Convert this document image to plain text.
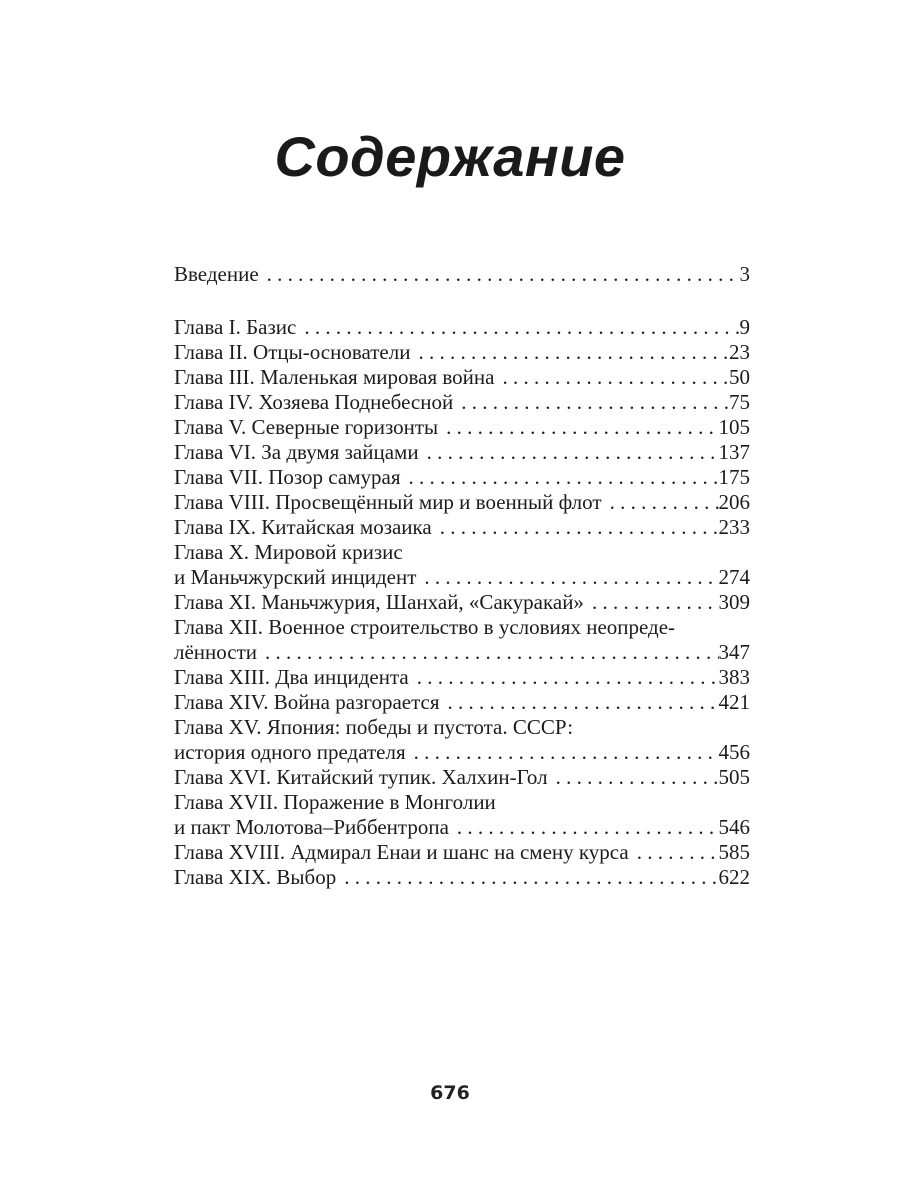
Содержание
Введение . . .	3
Глава I. Базис . . .	9
Глава II. Отцы-основатели . . .	23
Глава III. Маленькая мировая война . . .	50
Глава IV. Хозяева Поднебесной . . .	75
Глава V. Северные горизонты . . .	105
Глава VI. За двумя зайцами . . .	137
Глава VII. Позор самурая . . .	175
Глава VIII. Просвещённый мир и военный флот . . .	206
Глава IX. Китайская мозаика . . .	233
Глава X. Мировой кризис
и Маньчжурский инцидент . . .	274
Глава XI. Маньчжурия, Шанхай, «Сакуракай» . . .	309
Глава XII. Военное строительство в условиях неопреде-
лённости . . .	347
Глава XIII. Два инцидента . . .	383
Глава XIV. Война разгорается . . .	421
Глава XV. Япония: победы и пустота. СССР:
история одного предателя . . .	456
Глава XVI. Китайский тупик. Халхин-Гол . . .	505
Глава XVII. Поражение в Монголии
и пакт Молотова–Риббентропа . . .	546
Глава XVIII. Адмирал Енаи и шанс на смену курса . . .	585
Глава XIX. Выбор . . .	622
676
